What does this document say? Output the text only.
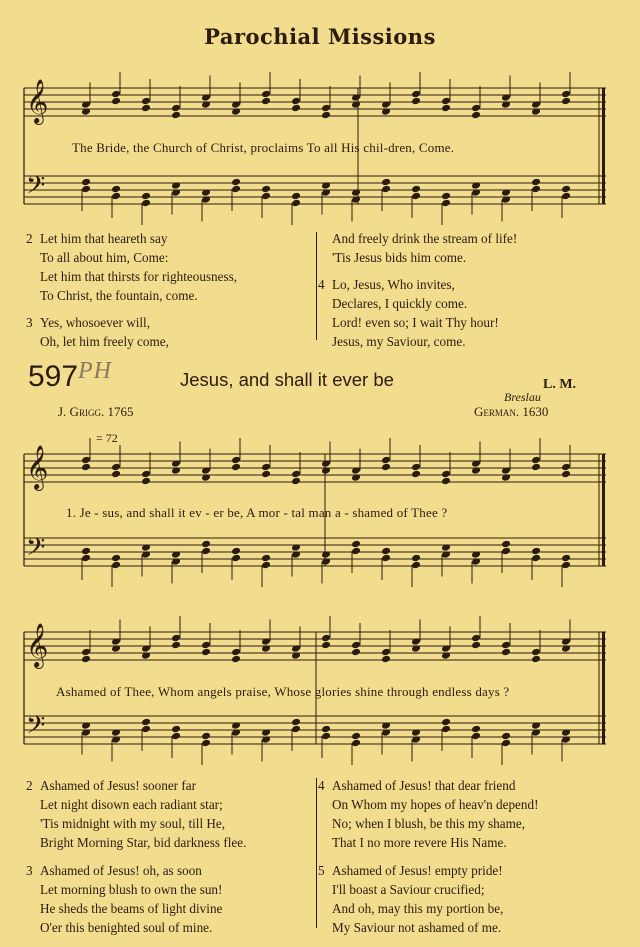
Parochial Missions
𝄞
𝄢
The Bride, the Church of Christ, proclaims To all His chil-dren, Come.
2 Let him that heareth say
To all about him, Come:
Let him that thirsts for righteousness,
To Christ, the fountain, come.
3 Yes, whosoever will,
Oh, let him freely come,
And freely drink the stream of life!
'Tis Jesus bids him come.
4 Lo, Jesus, Who invites,
Declares, I quickly come.
Lord! even so; I wait Thy hour!
Jesus, my Saviour, come.
597 PH	Jesus, and shall it ever be	L. M.
J. Grigg. 1765
Breslau
German. 1630
𝄞
𝄢
= 72
1. Je - sus, and shall it ev - er be, A mor - tal man a - shamed of Thee ?
𝄞
𝄢
Ashamed of Thee, Whom angels praise, Whose glories shine through endless days ?
2 Ashamed of Jesus! sooner far
Let night disown each radiant star;
'Tis midnight with my soul, till He,
Bright Morning Star, bid darkness flee.
3 Ashamed of Jesus! oh, as soon
Let morning blush to own the sun!
He sheds the beams of light divine
O'er this benighted soul of mine.
4 Ashamed of Jesus! that dear friend
On Whom my hopes of heav'n depend!
No; when I blush, be this my shame,
That I no more revere His Name.
5 Ashamed of Jesus! empty pride!
I'll boast a Saviour crucified;
And oh, may this my portion be,
My Saviour not ashamed of me.
